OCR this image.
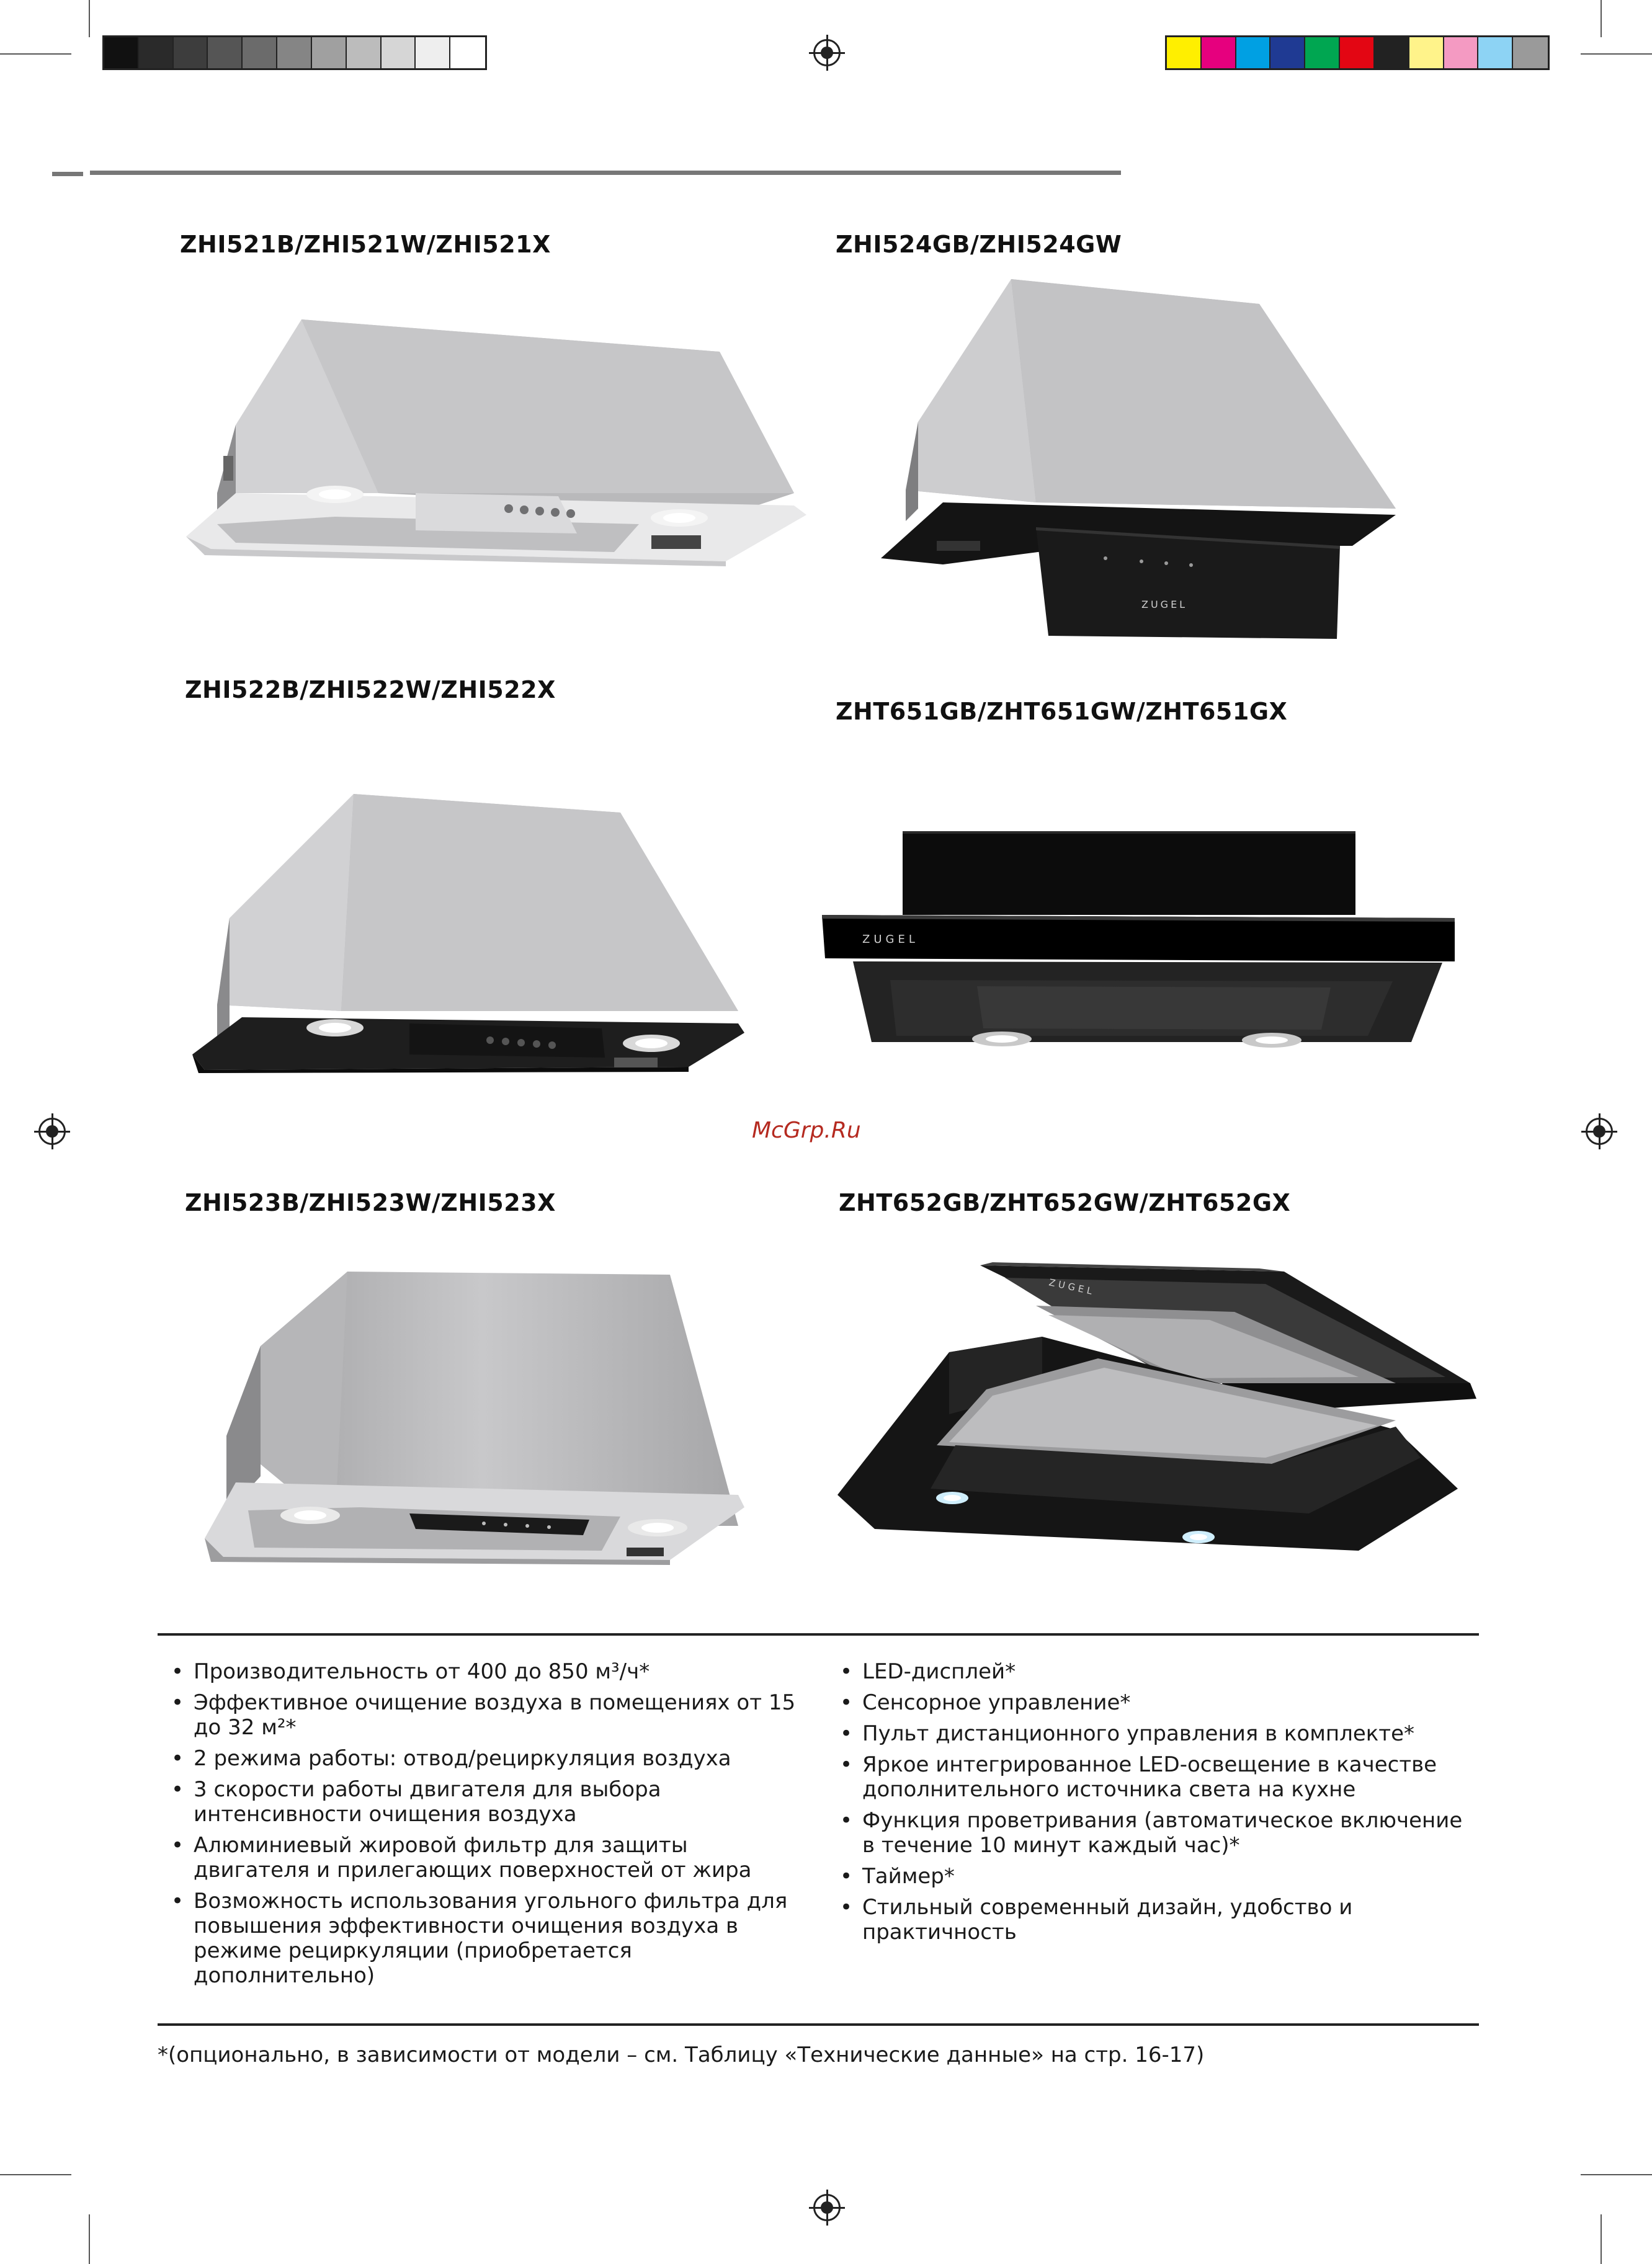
ZHI521B/ZHI521W/ZHI521X	ZHI524GB/ZHI524GW
ZHI522B/ZHI522W/ZHI522X
ZHT651GB/ZHT651GW/ZHT651GX
ZHI523B/ZHI523W/ZHI523X	ZHT652GB/ZHT652GW/ZHT652GX
ZUGEL
ZUGEL
ZUGEL
McGrp.Ru
• Производительность от 400 до 850 м³/ч*
• Эффективное очищение воздуха в помещениях от 15 до 32 м²*
• 2 режима работы: отвод/рециркуляция воздуха
• 3 скорости работы двигателя для выбора интенсивности очищения воздуха
• Алюминиевый жировой фильтр для защиты двигателя и прилегающих поверхностей от жира
• Возможность использования угольного фильтра для повышения эффективности очищения воздуха в режиме рециркуляции (приобретается дополнительно)
• LED-дисплей*
• Сенсорное управление*
• Пульт дистанционного управления в комплекте*
• Яркое интегрированное LED-освещение в качестве дополнительного источника света на кухне
• Функция проветривания (автоматическое включение в течение 10 минут каждый час)*
• Таймер*
• Стильный современный дизайн, удобство и практичность
*(опционально, в зависимости от модели – см. Таблицу «Технические данные» на стр. 16-17)
